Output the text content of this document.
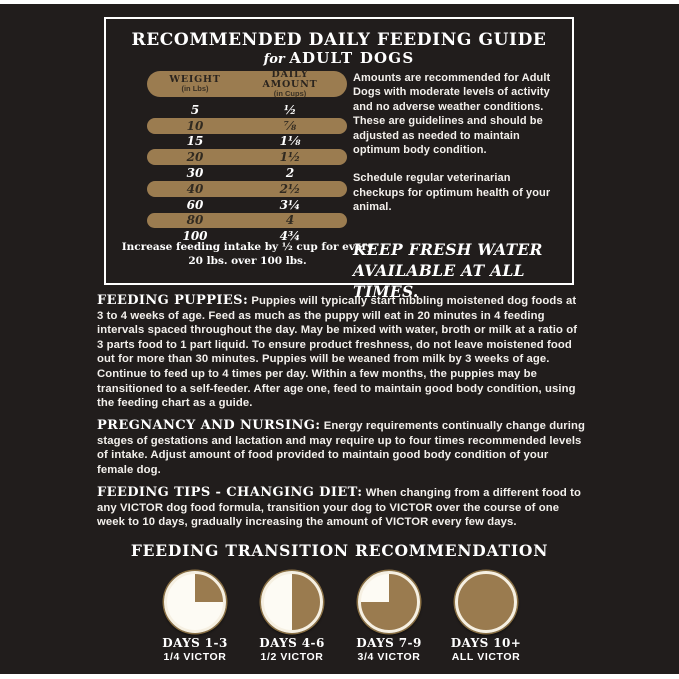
RECOMMENDED DAILY FEEDING GUIDE
for ADULT DOGS
WEIGHT
(in Lbs)
DAILY AMOUNT
(in Cups)
5	½
10	⅞
15	1⅛
20	1½
30	2
40	2½
60	3¼
80	4
100	4¾
Increase feeding intake by ½ cup for every 20 lbs. over 100 lbs.

Amounts are recommended for Adult Dogs with moderate levels of activity and no adverse weather conditions. These are guidelines and should be adjusted as needed to maintain optimum body condition.

Schedule regular veterinarian checkups for optimum health of your animal.

KEEP FRESH WATER AVAILABLE AT ALL TIMES.
FEEDING PUPPIES: Puppies will typically start nibbling moistened dog foods at 3 to 4 weeks of age. Feed as much as the puppy will eat in 20 minutes in 4 feeding intervals spaced throughout the day. May be mixed with water, broth or milk at a ratio of 3 parts food to 1 part liquid. To ensure product freshness, do not leave moistened food out for more than 30 minutes. Puppies will be weaned from milk by 3 weeks of age. Continue to feed up to 4 times per day. Within a few months, the puppies may be transitioned to a self-feeder. After age one, feed to maintain good body condition, using the feeding chart as a guide.
PREGNANCY AND NURSING: Energy requirements continually change during stages of gestations and lactation and may require up to four times recommended levels of intake. Adjust amount of food provided to maintain good body condition of your female dog.
FEEDING TIPS - CHANGING DIET: When changing from a different food to any VICTOR dog food formula, transition your dog to VICTOR over the course of one week to 10 days, gradually increasing the amount of VICTOR every few days.
FEEDING TRANSITION RECOMMENDATION
DAYS 1-3
1/4 VICTOR
DAYS 4-6
1/2 VICTOR
DAYS 7-9
3/4 VICTOR
DAYS 10+
ALL VICTOR
